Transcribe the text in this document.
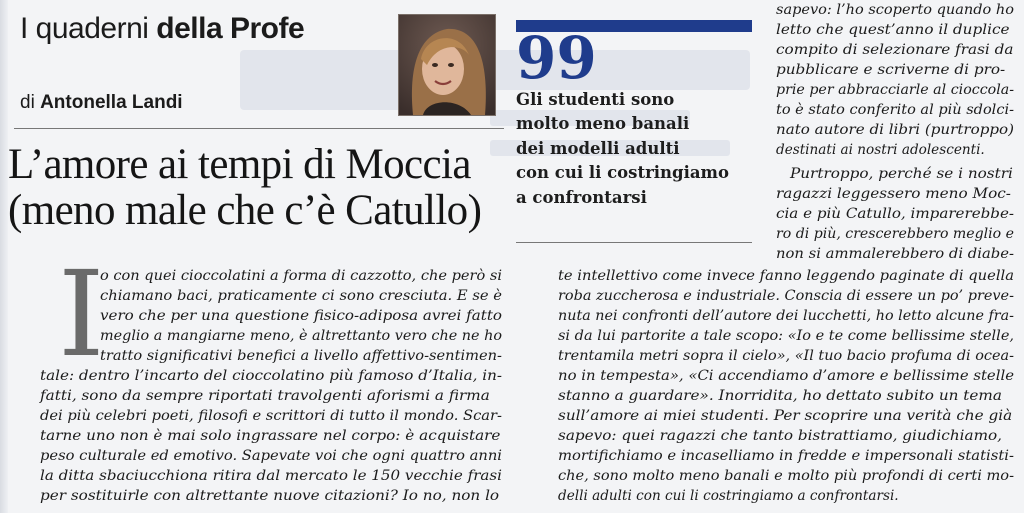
I quaderni della Profe

di Antonella Landi

L’amore ai tempi di Moccia
(meno male che c’è Catullo)

99

Gli studenti sono
molto meno banali
dei modelli adulti
con cui li costringiamo
a confrontarsi

I
o con quei cioccolatini a forma di cazzotto, che però si
chiamano baci, praticamente ci sono cresciuta. E se è
vero che per una questione fisico-adiposa avrei fatto
meglio a mangiarne meno, è altrettanto vero che ne ho
tratto significativi benefici a livello affettivo-sentimen-
tale: dentro l’incarto del cioccolatino più famoso d’Italia, in-
fatti, sono da sempre riportati travolgenti aforismi a firma
dei più celebri poeti, filosofi e scrittori di tutto il mondo. Scar-
tarne uno non è mai solo ingrassare nel corpo: è acquistare
peso culturale ed emotivo. Sapevate voi che ogni quattro anni
la ditta sbaciucchiona ritira dal mercato le 150 vecchie frasi
per sostituirle con altrettante nuove citazioni? Io no, non lo
sapevo: l’ho scoperto quando ho
letto che quest’anno il duplice
compito di selezionare frasi da
pubblicare e scriverne di pro-
prie per abbracciarle al cioccola-
to è stato conferito al più sdolci-
nato autore di libri (purtroppo)
destinati ai nostri adolescenti.
Purtroppo, perché se i nostri
ragazzi leggessero meno Moc-
cia e più Catullo, imparerebbe-
ro di più, crescerebbero meglio e
non si ammalerebbero di diabe-
te intellettivo come invece fanno leggendo paginate di quella
roba zuccherosa e industriale. Conscia di essere un po’ preve-
nuta nei confronti dell’autore dei lucchetti, ho letto alcune fra-
si da lui partorite a tale scopo: «Io e te come bellissime stelle,
trentamila metri sopra il cielo», «Il tuo bacio profuma di ocea-
no in tempesta», «Ci accendiamo d’amore e bellissime stelle
stanno a guardare». Inorridita, ho dettato subito un tema
sull’amore ai miei studenti. Per scoprire una verità che già
sapevo: quei ragazzi che tanto bistrattiamo, giudichiamo,
mortifichiamo e incaselliamo in fredde e impersonali statisti-
che, sono molto meno banali e molto più profondi di certi mo-
delli adulti con cui li costringiamo a confrontarsi.
